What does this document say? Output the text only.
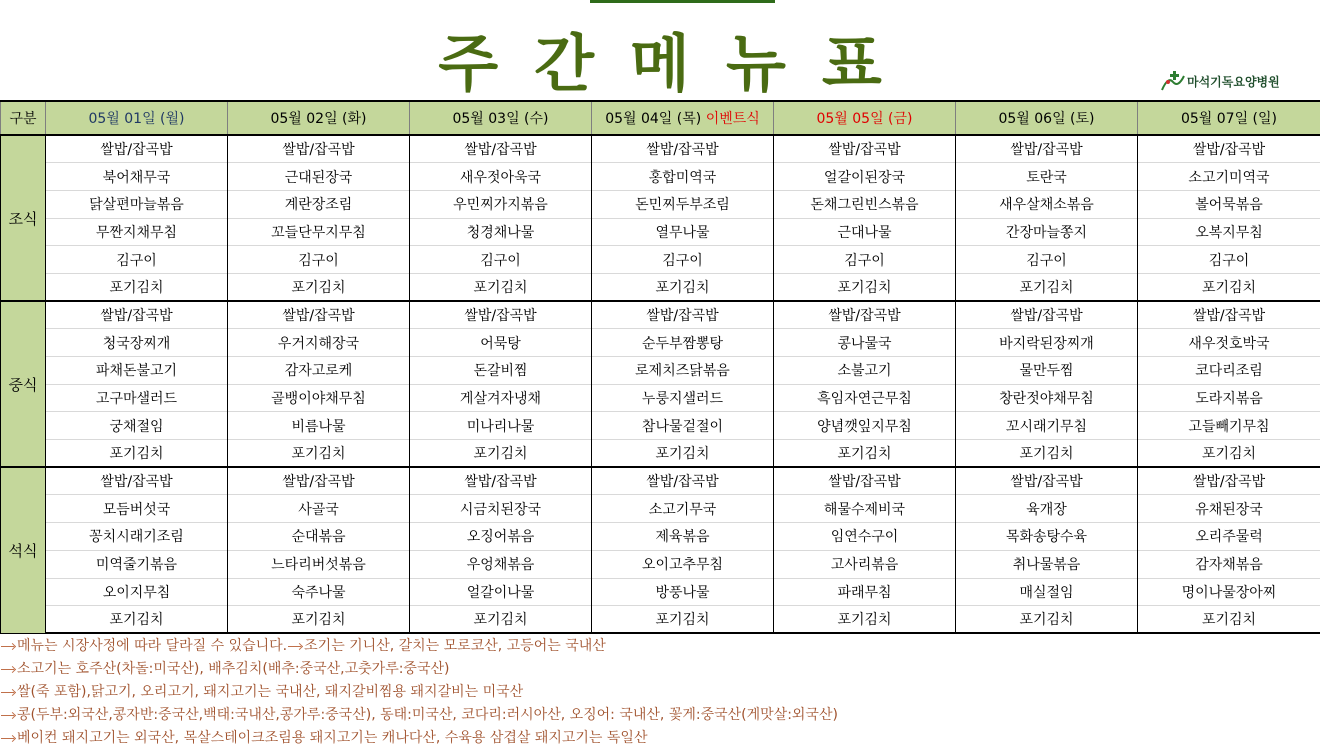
주간메뉴표	마석기독요양병원
구분	05월 01일 (월)	05월 02일 (화)	05월 03일 (수)	05월 04일 (목) 이벤트식	05월 05일 (금)	05월 06일 (토)	05월 07일 (일)
조식	쌀밥/잡곡밥	쌀밥/잡곡밥	쌀밥/잡곡밥	쌀밥/잡곡밥	쌀밥/잡곡밥	쌀밥/잡곡밥	쌀밥/잡곡밥
	북어채무국	근대된장국	새우젓아욱국	홍합미역국	얼갈이된장국	토란국	소고기미역국
	닭살편마늘볶음	계란장조림	우민찌가지볶음	돈민찌두부조림	돈채그린빈스볶음	새우살채소볶음	볼어묵볶음
	무짠지채무침	꼬들단무지무침	청경채나물	열무나물	근대나물	간장마늘쫑지	오복지무침
	김구이	김구이	김구이	김구이	김구이	김구이	김구이
	포기김치	포기김치	포기김치	포기김치	포기김치	포기김치	포기김치
중식	쌀밥/잡곡밥	쌀밥/잡곡밥	쌀밥/잡곡밥	쌀밥/잡곡밥	쌀밥/잡곡밥	쌀밥/잡곡밥	쌀밥/잡곡밥
	청국장찌개	우거지해장국	어묵탕	순두부짬뽕탕	콩나물국	바지락된장찌개	새우젓호박국
	파채돈불고기	감자고로케	돈갈비찜	로제치즈닭볶음	소불고기	물만두찜	코다리조림
	고구마샐러드	골뱅이야채무침	게살겨자냉채	누룽지샐러드	흑임자연근무침	창란젓야채무침	도라지볶음
	궁채절임	비름나물	미나리나물	참나물겉절이	양념깻잎지무침	꼬시래기무침	고들빼기무침
	포기김치	포기김치	포기김치	포기김치	포기김치	포기김치	포기김치
석식	쌀밥/잡곡밥	쌀밥/잡곡밥	쌀밥/잡곡밥	쌀밥/잡곡밥	쌀밥/잡곡밥	쌀밥/잡곡밥	쌀밥/잡곡밥
	모듬버섯국	사골국	시금치된장국	소고기무국	해물수제비국	육개장	유채된장국
	꽁치시래기조림	순대볶음	오징어볶음	제육볶음	임연수구이	목화송탕수육	오리주물럭
	미역줄기볶음	느타리버섯볶음	우엉채볶음	오이고추무침	고사리볶음	취나물볶음	감자채볶음
	오이지무침	숙주나물	얼갈이나물	방풍나물	파래무침	매실절임	명이나물장아찌
	포기김치	포기김치	포기김치	포기김치	포기김치	포기김치	포기김치
메뉴는 시장사정에 따라 달라질 수 있습니다. 조기는 기니산, 갈치는 모로코산, 고등어는 국내산
소고기는 호주산(차돌:미국산), 배추김치(배추:중국산,고춧가루:중국산)
쌀(죽 포함),닭고기, 오리고기, 돼지고기는 국내산, 돼지갈비찜용 돼지갈비는 미국산
콩(두부:외국산,콩자반:중국산,백태:국내산,콩가루:중국산), 동태:미국산, 코다리:러시아산, 오징어: 국내산, 꽃게:중국산(게맛살:외국산)
베이컨 돼지고기는 외국산, 목살스테이크조림용 돼지고기는 캐나다산, 수육용 삼겹살 돼지고기는 독일산
